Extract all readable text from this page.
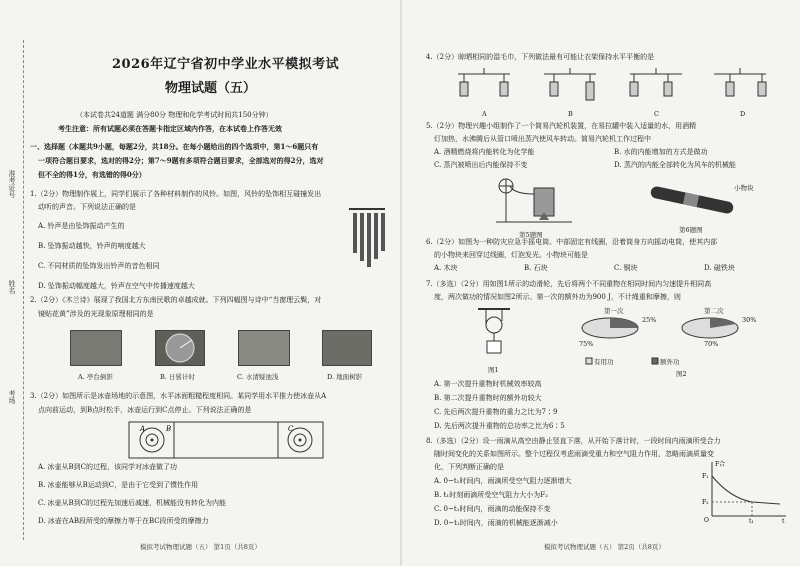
准考证号
姓名
考场
2026年辽宁省初中学业水平模拟考试
物理试题（五）
（本试卷共24道题 满分80分 物理和化学考试时间共150分钟）
考生注意：所有试题必须在答题卡指定区域内作答，在本试卷上作答无效
一、选择题（本题共9小题，每题2分，共18分。在每小题给出的四个选项中，第1～6题只有
一项符合题目要求，选对的得2分；第7～9题有多项符合题目要求，全部选对的得2分，选对
但不全的得1分，有选错的得0分）
1.（2分）物理制作展上，同学们展示了各种材料制作的风铃。如图，风铃的坠饰相互碰撞发出
动听的声音。下列说法正确的是
A. 铃声是由坠饰振动产生的
B. 坠饰振动越快，铃声的响度越大
C. 不同材质的坠饰发出铃声的音色相同
D. 坠饰振动幅度越大，铃声在空气中传播速度越大
2.（2分）《木兰诗》展现了我国北方东南民歌的卓越成就。下列四幅图与诗中“当窗理云鬓，对
镜贴花黄”涉及的光现象原理相同的是
A. 亭台倒影	B. 日晷计时	C. 水清疑池浅	D. 地面树影
3.（2分）如图所示是冰壶场地的示意图，水平冰面粗糙程度相同。某同学用水平推力使冰壶从A
点向前运动，到B点时松手，冰壶运行到C点停止。下列说法正确的是
A	B	C
A. 冰壶从B到C的过程，该同学对冰壶做了功
B. 冰壶能够从B运动到C，是由于它受到了惯性作用
C. 冰壶从B到C的过程先加速后减速，机械能没有转化为内能
D. 冰壶在AB段所受的摩擦力等于在BC段所受的摩擦力
模拟考试物理试题（五） 第1页（共8页）
4.（2分）晾晒相同的湿毛巾，下列做法最有可能让衣架保持水平平衡的是
A	B	C	D
5.（2分）物理兴趣小组制作了一个简易汽轮机装置，在易拉罐中装入适量的水，用酒精
灯加热，水沸腾后从管口喷出蒸汽使风车转动。简易汽轮机工作过程中
A. 酒精燃烧将内能转化为化学能	B. 水的内能增加的方式是做功
C. 蒸汽被喷出后内能保持不变	D. 蒸汽的内能全部转化为风车的机械能
第5题图
小物块
第6题图
6.（2分）如图为一种防灾应急手摇电筒。中部固定有线圈，沿着筒身方向摇动电筒，使其内部
的小物块来回穿过线圈，灯泡发光。小物块可能是
A. 木块	B. 石块	C. 铜块	D. 磁铁块
7.（多选）（2分）用如图1所示的动滑轮，先后将两个不同重物在相同时间内匀速提升相同高
度，两次做功的情况如图2所示。第一次的额外功为900 J，不计绳重和摩擦，则
图1
第一次	第二次
25%
75%
30%
70%
有用功	额外功
图2
A. 第一次提升重物时机械效率较高
B. 第二次提升重物时的额外功较大
C. 先后两次提升重物的重力之比为7∶9
D. 先后两次提升重物的总功率之比为6∶5
8.（多选）（2分）设一雨滴从高空由静止竖直下落，从开始下落计时，一段时间内雨滴所受合力
随时间变化的关系如图所示。整个过程仅考虑雨滴受重力和空气阻力作用，忽略雨滴质量变
化，下列判断正确的是
A. 0~t₁时间内，雨滴所受空气阻力逐渐增大
B. t₁时刻雨滴所受空气阻力大小为F₂
C. 0~t₁时间内，雨滴的动能保持不变
D. 0~t₁时间内，雨滴的机械能逐渐减小
F合
F₁
F₂
O	t₁	t
模拟考试物理试题（五） 第2页（共8页）
